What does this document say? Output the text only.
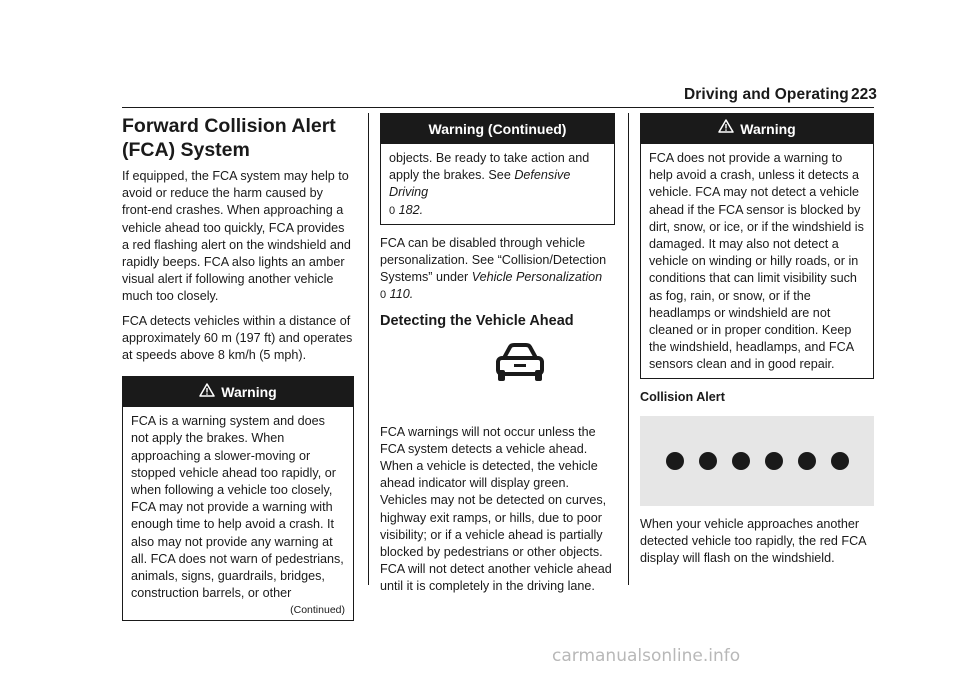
Driving and Operating 223
Forward Collision Alert (FCA) System

If equipped, the FCA system may help to avoid or reduce the harm caused by front-end crashes. When approaching a vehicle ahead too quickly, FCA provides a red flashing alert on the windshield and rapidly beeps. FCA also lights an amber visual alert if following another vehicle much too closely.

FCA detects vehicles within a distance of approximately 60 m (197 ft) and operates at speeds above 8 km/h (5 mph).

Warning

FCA is a warning system and does not apply the brakes. When approaching a slower-moving or stopped vehicle ahead too rapidly, or when following a vehicle too closely, FCA may not provide a warning with enough time to help avoid a crash. It also may not provide any warning at all. FCA does not warn of pedestrians, animals, signs, guardrails, bridges, construction barrels, or other

(Continued)
Warning (Continued)

objects. Be ready to take action and apply the brakes. See Defensive Driving
0 182.

FCA can be disabled through vehicle personalization. See “Collision/Detection Systems” under Vehicle Personalization
0 110.

Detecting the Vehicle Ahead

FCA warnings will not occur unless the FCA system detects a vehicle ahead. When a vehicle is detected, the vehicle ahead indicator will display green. Vehicles may not be detected on curves, highway exit ramps, or hills, due to poor visibility; or if a vehicle ahead is partially blocked by pedestrians or other objects. FCA will not detect another vehicle ahead until it is completely in the driving lane.

Warning

FCA does not provide a warning to help avoid a crash, unless it detects a vehicle. FCA may not detect a vehicle ahead if the FCA sensor is blocked by dirt, snow, or ice, or if the windshield is damaged. It may also not detect a vehicle on winding or hilly roads, or in conditions that can limit visibility such as fog, rain, or snow, or if the headlamps or windshield are not cleaned or in proper condition. Keep the windshield, headlamps, and FCA sensors clean and in good repair.

Collision Alert

When your vehicle approaches another detected vehicle too rapidly, the red FCA display will flash on the windshield.

carmanualsonline.info
